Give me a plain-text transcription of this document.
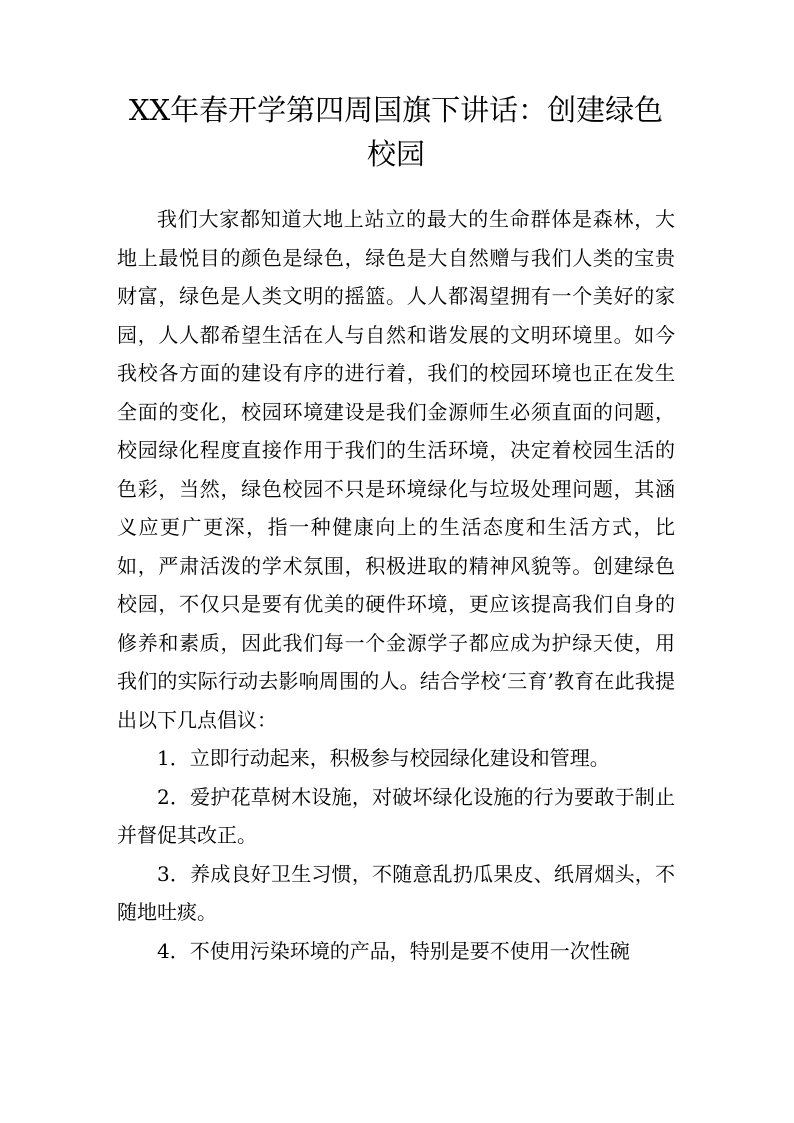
XX年春开学第四周国旗下讲话：创建绿色校园

我们大家都知道大地上站立的最大的生命群体是森林，大地上最悦目的颜色是绿色，绿色是大自然赠与我们人类的宝贵财富，绿色是人类文明的摇篮。人人都渴望拥有一个美好的家园，人人都希望生活在人与自然和谐发展的文明环境里。如今我校各方面的建设有序的进行着，我们的校园环境也正在发生全面的变化，校园环境建设是我们金源师生必须直面的问题，校园绿化程度直接作用于我们的生活环境，决定着校园生活的色彩，当然，绿色校园不只是环境绿化与垃圾处理问题，其涵义应更广更深，指一种健康向上的生活态度和生活方式，比如，严肃活泼的学术氛围，积极进取的精神风貌等。创建绿色校园，不仅只是要有优美的硬件环境，更应该提高我们自身的修养和素质，因此我们每一个金源学子都应成为护绿天使，用我们的实际行动去影响周围的人。结合学校‘三育’教育在此我提出以下几点倡议：

1．立即行动起来，积极参与校园绿化建设和管理。

2．爱护花草树木设施，对破坏绿化设施的行为要敢于制止并督促其改正。

3．养成良好卫生习惯，不随意乱扔瓜果皮、纸屑烟头，不随地吐痰。

4．不使用污染环境的产品，特别是要不使用一次性碗
